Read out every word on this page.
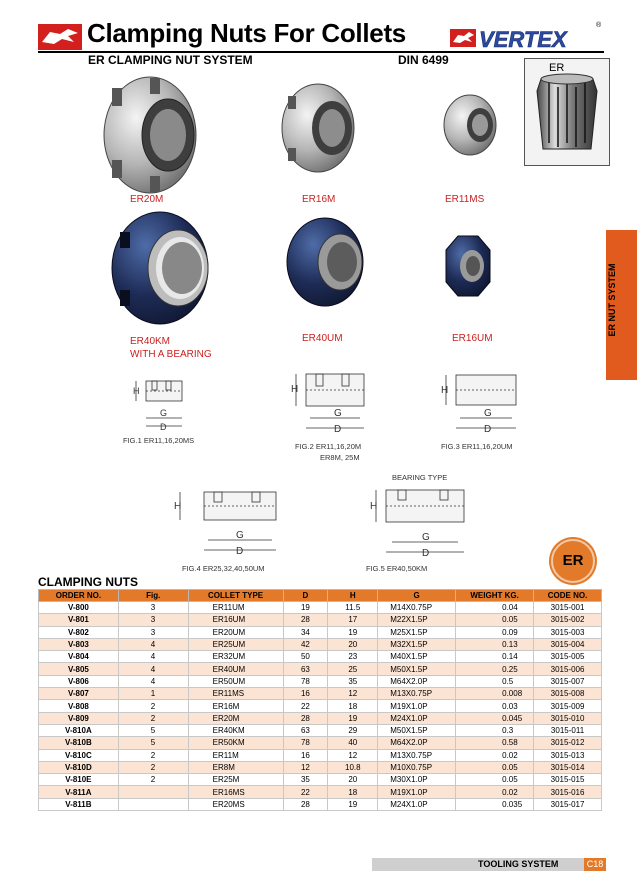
Clamping Nuts For Collets
ER CLAMPING NUT SYSTEM	DIN 6499
VERTEX
®
ER
ER NUT SYSTEM
ER20M	ER16M	ER11MS
ER40KM
WITH A BEARING
ER40UM	ER16UM
H
G
D
H
G
D
H
G
D
H
G
D
H
G
D
FIG.1 ER11,16,20MS
FIG.2 ER11,16,20M
ER8M, 25M
FIG.3 ER11,16,20UM
BEARING TYPE
FIG.4 ER25,32,40,50UM	FIG.5 ER40,50KM	ER
CLAMPING NUTS
ORDER NO.	Fig.	COLLET TYPE	D	H	G	WEIGHT KG.	CODE NO.
V-800	3	ER11UM	19	11.5	M14X0.75P	0.04	3015-001
V-801	3	ER16UM	28	17	M22X1.5P	0.05	3015-002
V-802	3	ER20UM	34	19	M25X1.5P	0.09	3015-003
V-803	4	ER25UM	42	20	M32X1.5P	0.13	3015-004
V-804	4	ER32UM	50	23	M40X1.5P	0.14	3015-005
V-805	4	ER40UM	63	25	M50X1.5P	0.25	3015-006
V-806	4	ER50UM	78	35	M64X2.0P	0.5	3015-007
V-807	1	ER11MS	16	12	M13X0.75P	0.008	3015-008
V-808	2	ER16M	22	18	M19X1.0P	0.03	3015-009
V-809	2	ER20M	28	19	M24X1.0P	0.045	3015-010
V-810A	5	ER40KM	63	29	M50X1.5P	0.3	3015-011
V-810B	5	ER50KM	78	40	M64X2.0P	0.58	3015-012
V-810C	2	ER11M	16	12	M13X0.75P	0.02	3015-013
V-810D	2	ER8M	12	10.8	M10X0.75P	0.05	3015-014
V-810E	2	ER25M	35	20	M30X1.0P	0.05	3015-015
V-811A		ER16MS	22	18	M19X1.0P	0.02	3015-016
V-811B		ER20MS	28	19	M24X1.0P	0.035	3015-017
TOOLING SYSTEM	C18
